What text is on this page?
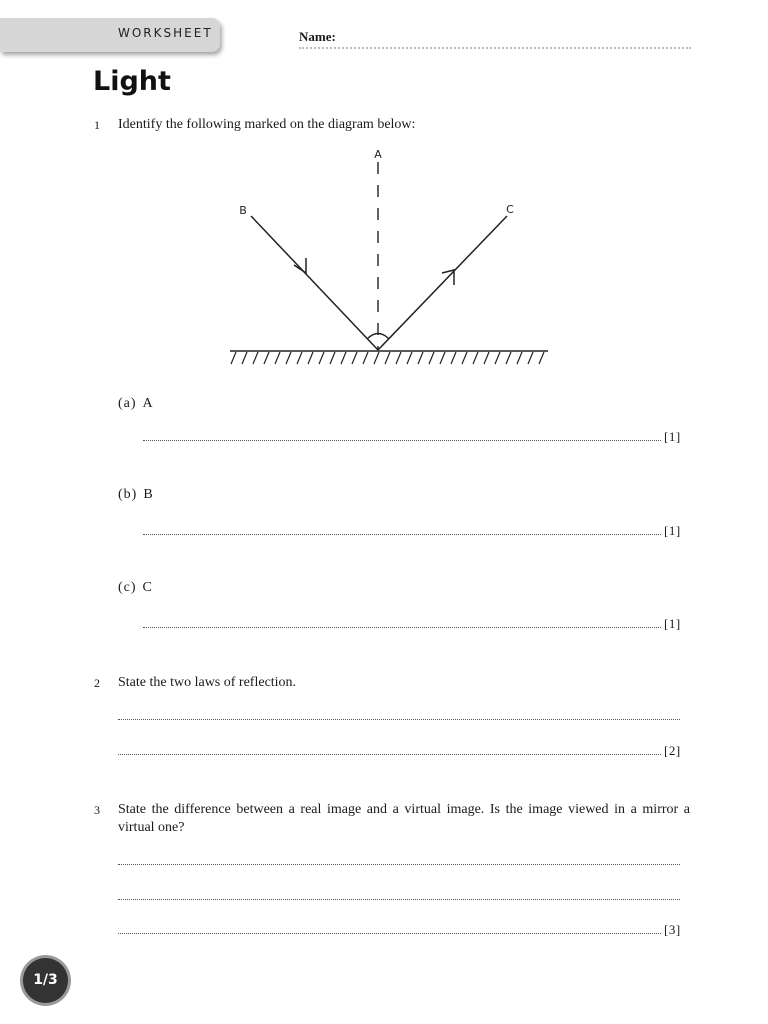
WORKSHEET	Name:
Light
1 Identify the following marked on the diagram below:
A
B	C
(a) A
[1]
(b) B
[1]
(c) C
[1]
2 State the two laws of reflection.
[2]
3 State the difference between a real image and a virtual image. Is the image viewed in a mirror a virtual one?
[3]
1/3
